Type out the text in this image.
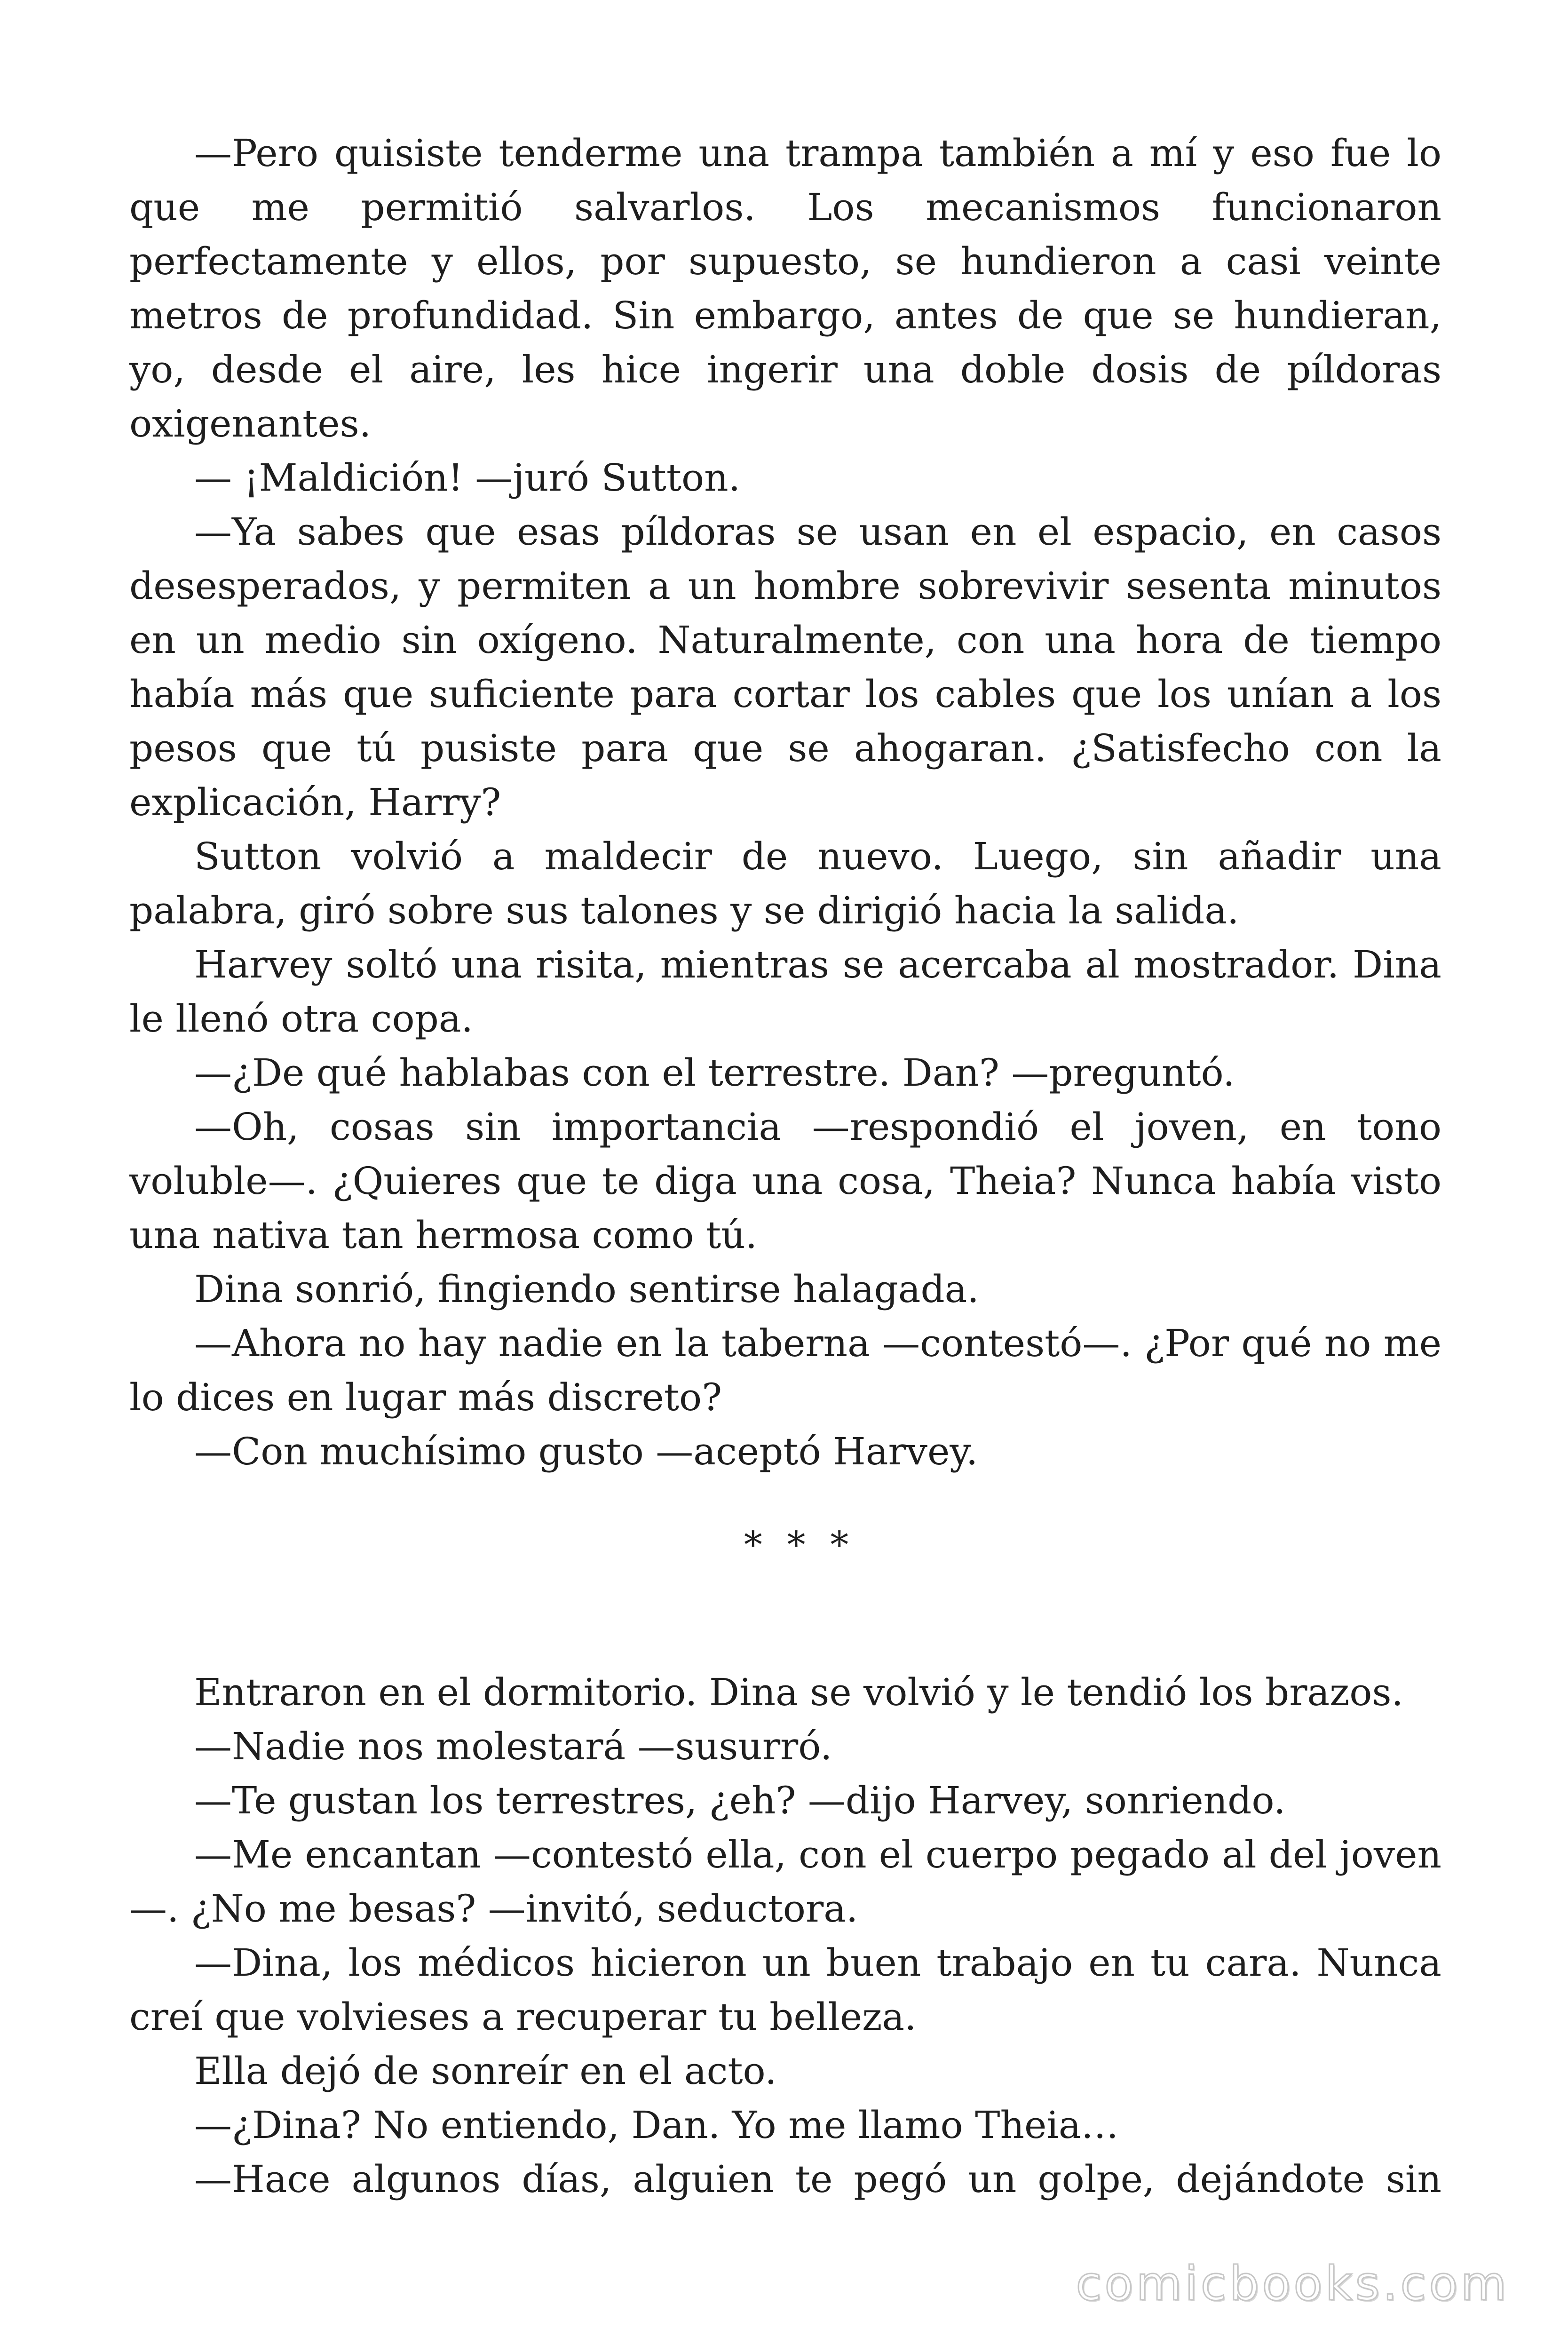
—Pero quisiste tenderme una trampa también a mí y eso fue lo que me permitió salvarlos. Los mecanismos funcionaron perfectamente y ellos, por supuesto, se hundieron a casi veinte metros de profundidad. Sin embargo, antes de que se hundieran, yo, desde el aire, les hice ingerir una doble dosis de píldoras oxigenantes.

— ¡Maldición! —juró Sutton.

—Ya sabes que esas píldoras se usan en el espacio, en casos desesperados, y permiten a un hombre sobrevivir sesenta minutos en un medio sin oxígeno. Naturalmente, con una hora de tiempo había más que suficiente para cortar los cables que los unían a los pesos que tú pusiste para que se ahogaran. ¿Satisfecho con la explicación, Harry?

Sutton volvió a maldecir de nuevo. Luego, sin añadir una palabra, giró sobre sus talones y se dirigió hacia la salida.

Harvey soltó una risita, mientras se acercaba al mostrador. Dina le llenó otra copa.

—¿De qué hablabas con el terrestre. Dan? —preguntó.

—Oh, cosas sin importancia —respondió el joven, en tono voluble—. ¿Quieres que te diga una cosa, Theia? Nunca había visto una nativa tan hermosa como tú.

Dina sonrió, fingiendo sentirse halagada.

—Ahora no hay nadie en la taberna —contestó—. ¿Por qué no me lo dices en lugar más discreto?

—Con muchísimo gusto —aceptó Harvey.

* * *

Entraron en el dormitorio. Dina se volvió y le tendió los brazos.

—Nadie nos molestará —susurró.

—Te gustan los terrestres, ¿eh? —dijo Harvey, sonriendo.

—Me encantan —contestó ella, con el cuerpo pegado al del joven—. ¿No me besas? —invitó, seductora.

—Dina, los médicos hicieron un buen trabajo en tu cara. Nunca creí que volvieses a recuperar tu belleza.

Ella dejó de sonreír en el acto.

—¿Dina? No entiendo, Dan. Yo me llamo Theia…

—Hace algunos días, alguien te pegó un golpe, dejándote sin

comicbooks.com
